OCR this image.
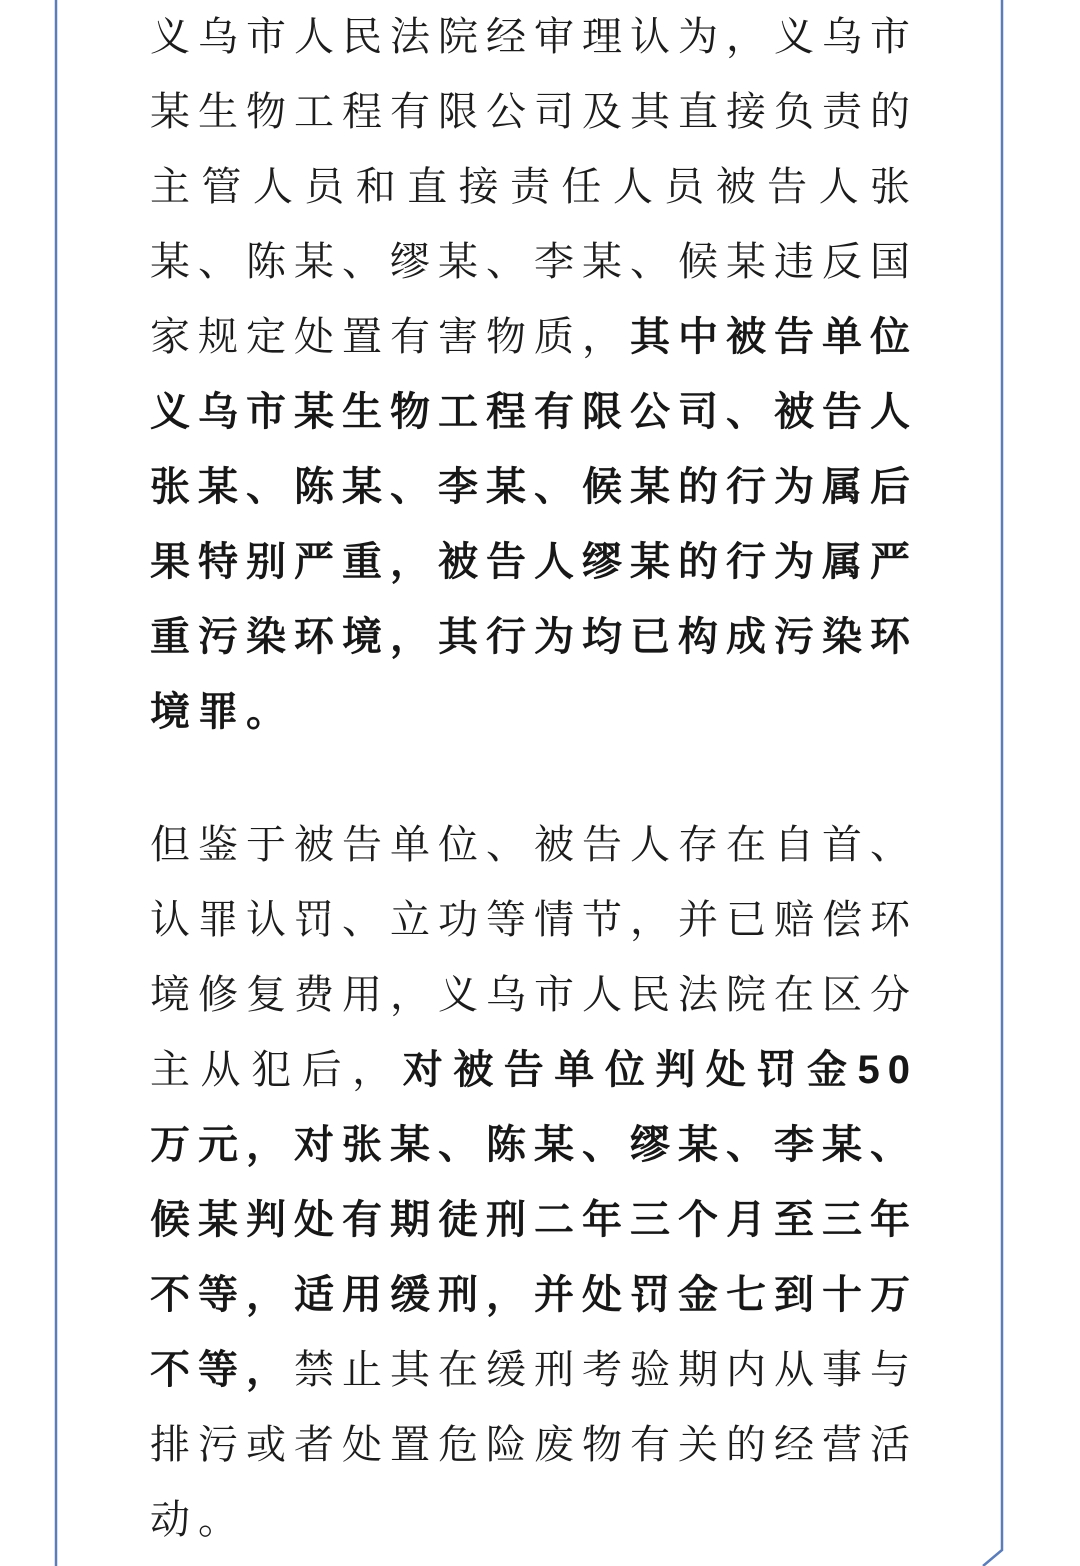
义乌市人民法院经审理认为，义乌市某生物工程有限公司及其直接负责的主管人员和直接责任人员被告人张某、陈某、缪某、李某、候某违反国家规定处置有害物质，其中被告单位义乌市某生物工程有限公司、被告人张某、陈某、李某、候某的行为属后果特别严重，被告人缪某的行为属严重污染环境，其行为均已构成污染环境罪。

但鉴于被告单位、被告人存在自首、认罪认罚、立功等情节，并已赔偿环境修复费用，义乌市人民法院在区分主从犯后，对被告单位判处罚金50万元，对张某、陈某、缪某、李某、候某判处有期徒刑二年三个月至三年不等，适用缓刑，并处罚金七到十万不等，禁止其在缓刑考验期内从事与排污或者处置危险废物有关的经营活动。
